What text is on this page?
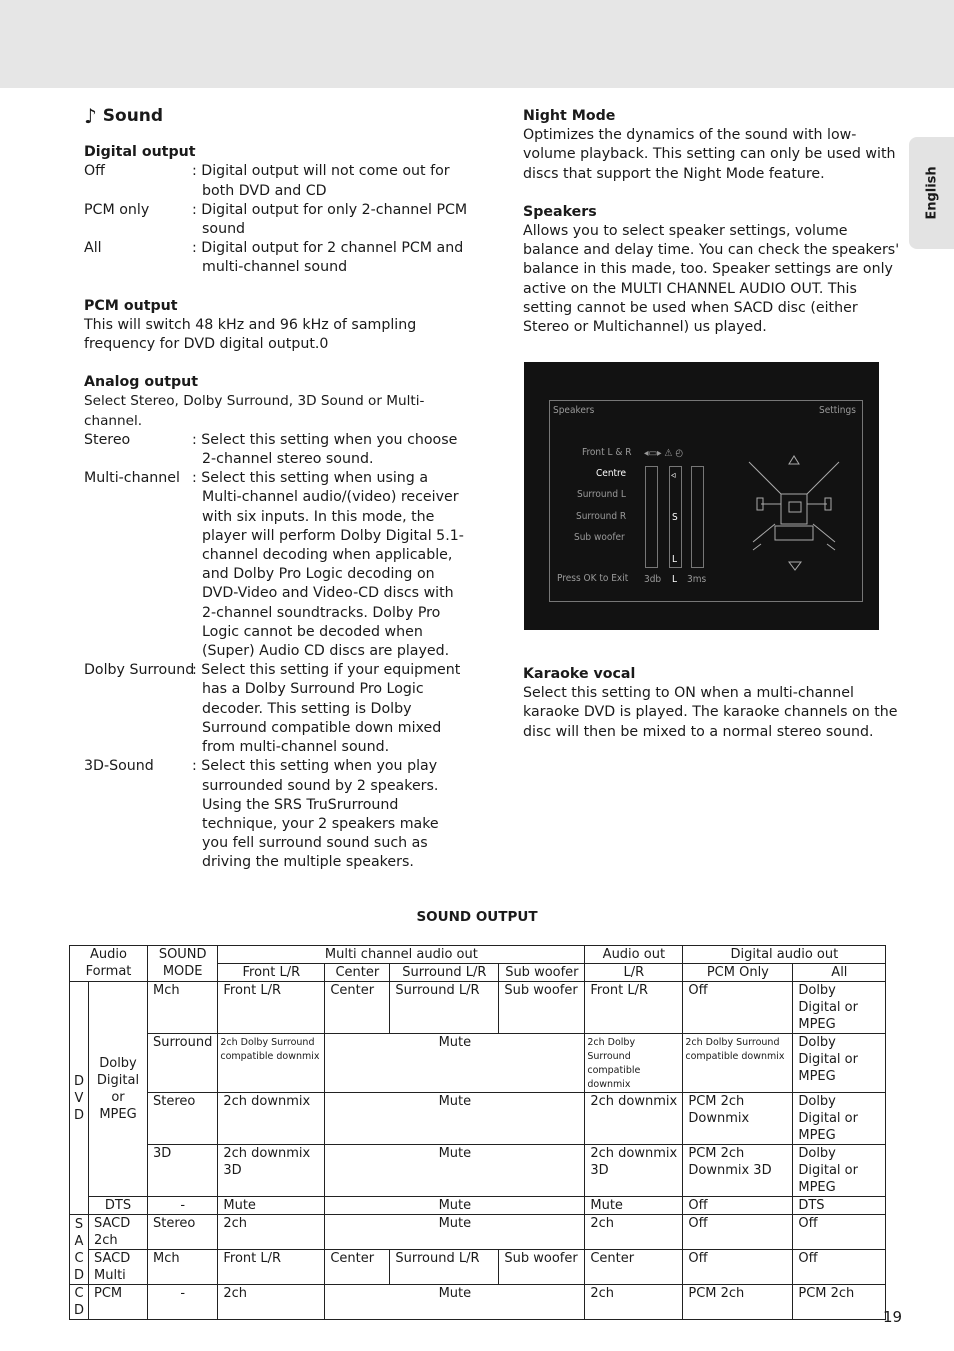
English
♪ Sound
Digital output
Off	: Digital output will not come out for both DVD and CD
PCM only	: Digital output for only 2-channel PCM sound
All	: Digital output for 2 channel PCM and multi-channel sound
PCM output
This will switch 48 kHz and 96 kHz of sampling frequency for DVD digital output.0
Analog output
Select Stereo, Dolby Surround, 3D Sound or Multi-channel.
Stereo	: Select this setting when you choose 2-channel stereo sound.
Multi-channel : Select this setting when using a Multi-channel audio/(video) receiver with six inputs. In this mode, the player will perform Dolby Digital 5.1-channel decoding when applicable, and Dolby Pro Logic decoding on DVD-Video and Video-CD discs with 2-channel soundtracks. Dolby Pro Logic cannot be decoded when (Super) Audio CD discs are played.
Dolby Surround
: Select this setting if your equipment has a Dolby Surround Pro Logic decoder. This setting is Dolby Surround compatible down mixed from multi-channel sound.
3D-Sound	: Select this setting when you play surrounded sound by 2 speakers. Using the SRS TruSrurround technique, your 2 speakers make you fell surround sound such as driving the multiple speakers.
Night Mode
Optimizes the dynamics of the sound with low-volume playback. This setting can only be used with discs that support the Night Mode feature.
Speakers
Allows you to select speaker settings, volume balance and delay time. You can check the speakers' balance in this made, too. Speaker settings are only active on the MULTI CHANNEL AUDIO OUT. This setting cannot be used when SACD disc (either Stereo or Multichannel) us played.
Speakers	Settings
Front L & R
Centre
Surround L
Surround R
Sub woofer
Press OK to Exit
◂▭▸ ⚠ ◴
◃
S
L
3db L 3ms
Karaoke vocal
Select this setting to ON when a multi-channel karaoke DVD is played. The karaoke channels on the disc will then be mixed to a normal stereo sound.
SOUND OUTPUT
Audio Format		SOUND MODE	Multi channel audio out				Audio out	Digital audio out	
			Front L/R	Center	Surround L/R	Sub woofer	L/R	PCM Only	All
D V D	Dolby Digital or MPEG	Mch	Front L/R	Center	Surround L/R	Sub woofer	Front L/R	Off	Dolby Digital or MPEG
		Surround	2ch Dolby Surround compatible downmix	Mute			2ch Dolby Surround compatible downmix	2ch Dolby Surround compatible downmix	Dolby Digital or MPEG
		Stereo	2ch downmix	Mute			2ch downmix	PCM 2ch Downmix	Dolby Digital or MPEG
		3D	2ch downmix 3D	Mute			2ch downmix 3D	PCM 2ch Downmix 3D	Dolby Digital or MPEG
	DTS	-	Mute	Mute			Mute	Off	DTS
S A C D	SACD 2ch	Stereo	2ch	Mute			2ch	Off	Off
	SACD Multi	Mch	Front L/R	Center	Surround L/R	Sub woofer	Center	Off	Off
C D	PCM	-	2ch	Mute			2ch	PCM 2ch	PCM 2ch
19
